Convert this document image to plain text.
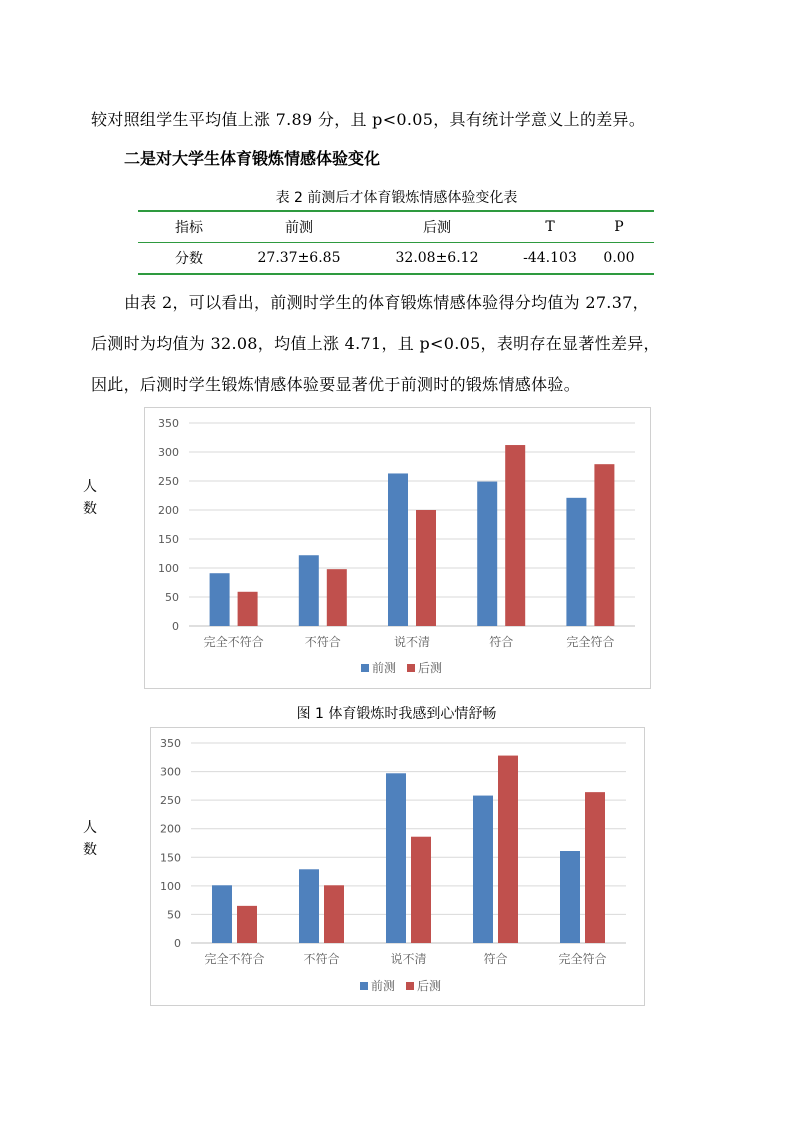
较对照组学生平均值上涨 7.89 分，且 p<0.05，具有统计学意义上的差异。
二是对大学生体育锻炼情感体验变化
表 2 前测后才体育锻炼情感体验变化表
指标	前测	后测	T	P
分数	27.37±6.85	32.08±6.12	-44.103	0.00
由表 2，可以看出，前测时学生的体育锻炼情感体验得分均值为 27.37，
后测时为均值为 32.08，均值上涨 4.71，且 p<0.05，表明存在显著性差异，
因此，后测时学生锻炼情感体验要显著优于前测时的锻炼情感体验。
人
数
0
50
100
150
200
250
300
350
完全不符合	不符合	说不清	符合	完全符合
前测 后测
图 1 体育锻炼时我感到心情舒畅
人
数
0
50
100
150
200
250
300
350
完全不符合	不符合	说不清	符合	完全符合
前测 后测
